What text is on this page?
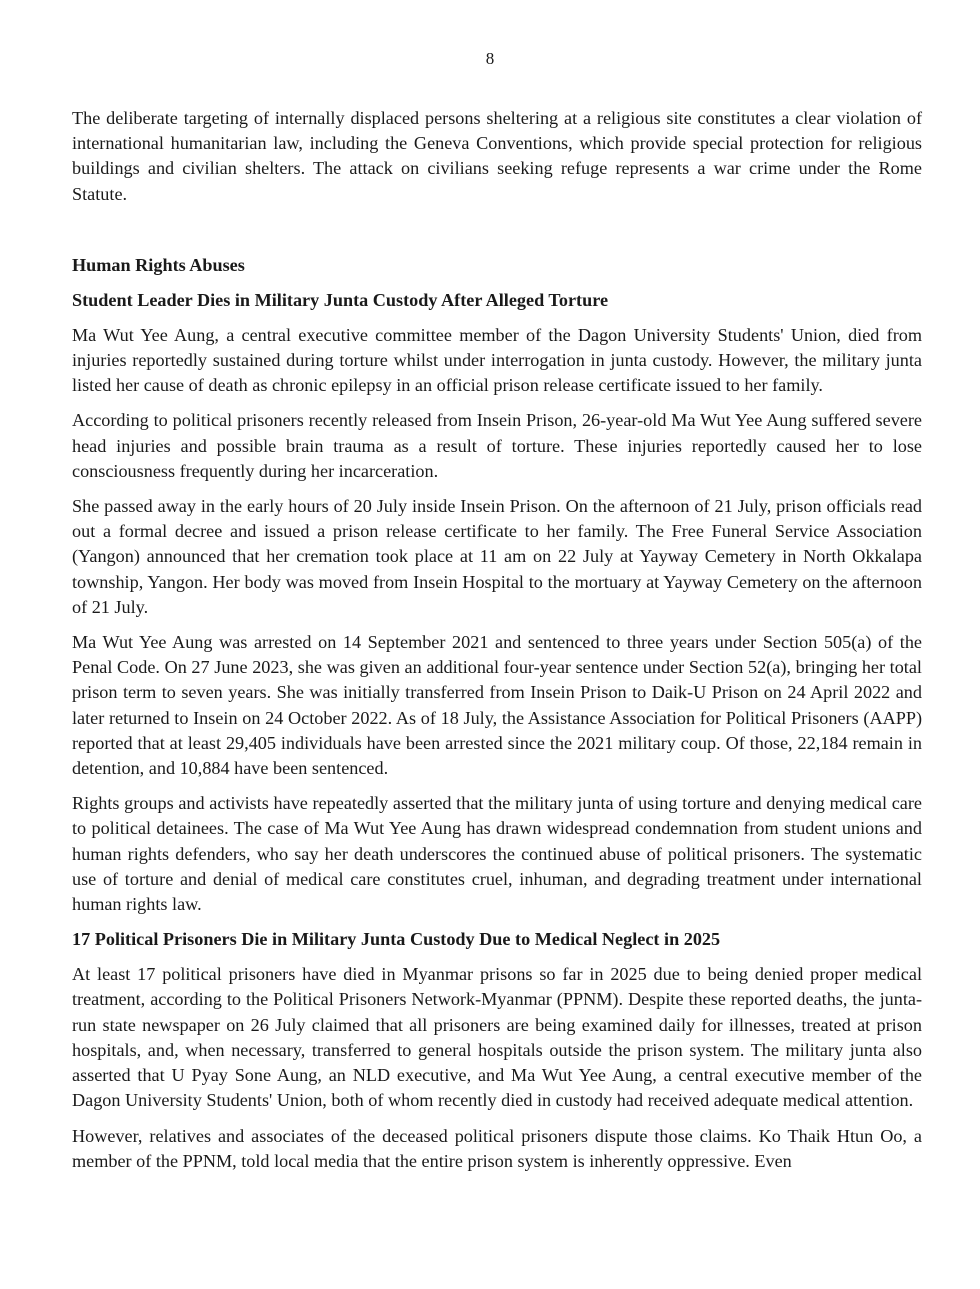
8

The deliberate targeting of internally displaced persons sheltering at a religious site constitutes a clear violation of international humanitarian law, including the Geneva Conventions, which provide special protection for religious buildings and civilian shelters. The attack on civilians seeking refuge represents a war crime under the Rome Statute.

Human Rights Abuses
Student Leader Dies in Military Junta Custody After Alleged Torture

Ma Wut Yee Aung, a central executive committee member of the Dagon University Students' Union, died from injuries reportedly sustained during torture whilst under interrogation in junta custody. However, the military junta listed her cause of death as chronic epilepsy in an official prison release certificate issued to her family.

According to political prisoners recently released from Insein Prison, 26-year-old Ma Wut Yee Aung suffered severe head injuries and possible brain trauma as a result of torture. These injuries reportedly caused her to lose consciousness frequently during her incarceration.

She passed away in the early hours of 20 July inside Insein Prison. On the afternoon of 21 July, prison officials read out a formal decree and issued a prison release certificate to her family. The Free Funeral Service Association (Yangon) announced that her cremation took place at 11 am on 22 July at Yayway Cemetery in North Okkalapa township, Yangon. Her body was moved from Insein Hospital to the mortuary at Yayway Cemetery on the afternoon of 21 July.

Ma Wut Yee Aung was arrested on 14 September 2021 and sentenced to three years under Section 505(a) of the Penal Code. On 27 June 2023, she was given an additional four-year sentence under Section 52(a), bringing her total prison term to seven years. She was initially transferred from Insein Prison to Daik-U Prison on 24 April 2022 and later returned to Insein on 24 October 2022. As of 18 July, the Assistance Association for Political Prisoners (AAPP) reported that at least 29,405 individuals have been arrested since the 2021 military coup. Of those, 22,184 remain in detention, and 10,884 have been sentenced.

Rights groups and activists have repeatedly asserted that the military junta of using torture and denying medical care to political detainees. The case of Ma Wut Yee Aung has drawn widespread condemnation from student unions and human rights defenders, who say her death underscores the continued abuse of political prisoners. The systematic use of torture and denial of medical care constitutes cruel, inhuman, and degrading treatment under international human rights law.

17 Political Prisoners Die in Military Junta Custody Due to Medical Neglect in 2025

At least 17 political prisoners have died in Myanmar prisons so far in 2025 due to being denied proper medical treatment, according to the Political Prisoners Network-Myanmar (PPNM). Despite these reported deaths, the junta-run state newspaper on 26 July claimed that all prisoners are being examined daily for illnesses, treated at prison hospitals, and, when necessary, transferred to general hospitals outside the prison system. The military junta also asserted that U Pyay Sone Aung, an NLD executive, and Ma Wut Yee Aung, a central executive member of the Dagon University Students' Union, both of whom recently died in custody had received adequate medical attention.

However, relatives and associates of the deceased political prisoners dispute those claims. Ko Thaik Htun Oo, a member of the PPNM, told local media that the entire prison system is inherently oppressive. Even
